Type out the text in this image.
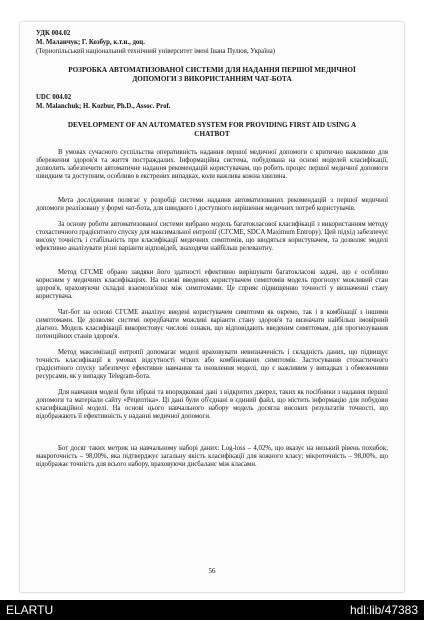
УДК 004.02
М. Маланчук; Г. Козбур, к.т.н., доц.
(Тернопільський національний технічний університет імені Івана Пулюя, Україна)
РОЗРОБКА АВТОМАТИЗОВАНОЇ СИСТЕМИ ДЛЯ НАДАННЯ ПЕРШОЇ МЕДИЧНОЇ ДОПОМОГИ З ВИКОРИСТАННЯМ ЧАТ-БОТА
UDC 004.02
M. Malanchuk; H. Kozbur, Ph.D., Assoc. Prof.
DEVELOPMENT OF AN AUTOMATED SYSTEM FOR PROVIDING FIRST AID USING A CHATBOT
В умовах сучасного суспільства оперативність надання першої медичної допомоги є критично важливою для збереження здоров'я та життя постраждалих. Інформаційна система, побудована на основі моделей класифікації, дозволить забезпечити автоматичне надання рекомендацій користувачам, що робить процес першої медичної допомоги швидким та доступним, особливо в екстрених випадках, коли важлива кожна хвилина.
Мета дослідження полягає у розробці системи надання автоматизованих рекомендацій з першої медичної допомоги реалізовану у формі чат-бота, для швидкого і доступного вирішення медичних потреб користувачів.
За основу роботи автоматизованої системи вибрано модель багатокласової класифікації з використанням методу стохастичного градієнтного спуску для максимальної ентропії (СГСМЕ, SDCA Maximum Entropy). Цей підхід забезпечує високу точність і стабільність при класифікації медичних симптомів, що вводяться користувачем, та дозволяє моделі ефективно аналізувати різні варіанти відповідей, знаходячи найбільш релевантну.
Метод СГСМЕ обрано завдяки його здатності ефективно вирішувати багатокласові задачі, що є особливо корисним у медичних класифікаціях. На основі введених користувачем симптомів модель прогнозує можливий стан здоров'я, враховуючи складні взаємозв'язки між симптомами. Це сприяє підвищенню точності у визначенні стану користувача.
Чат-бот на основі СГСМЕ аналізує введені користувачем симптоми як окремо, так і в комбінації з іншими симптомами. Це дозволяє системі передбачати можливі варіанти стану здоров'я та визначати найбільш імовірний діагноз. Модель класифікації використовує числові ознаки, що відповідають введеним симптомам, для прогнозування потенційних станів здоров'я.
Метод максимізації ентропії допомагає моделі враховувати невизначеність і складність даних, що підвищує точність класифікації в умовах відсутності чітких або комбінованих симптомів. Застосування стохастичного градієнтного спуску забезпечує ефективне навчання та оновлення моделі, що є важливим у випадках з обмеженими ресурсами, як у випадку Telegram-бота.
Для навчання моделі були зібрані та впорядковані дані з відкритих джерел, таких як посібники з надання першої допомоги та матеріали сайту «Рецептіка». Ці дані були об'єднані в єдиний файл, що містить інформацію для побудови класифікаційної моделі. На основі цього навчального набору модель досягла високих результатів точності, що відображають її ефективність у наданні медичної допомоги.
Бот досяг таких метрик на навчальному наборі даних: Log-loss – 4,02%, що вказує на низький рівень похибок; макроточність – 98,00%, яка підтверджує загальну якість класифікації для кожного класу; мікроточність – 98,00%, що відображає точність для всього набору, враховуючи дисбаланс між класами.
56
ELARTU	hdl:lib/47383
